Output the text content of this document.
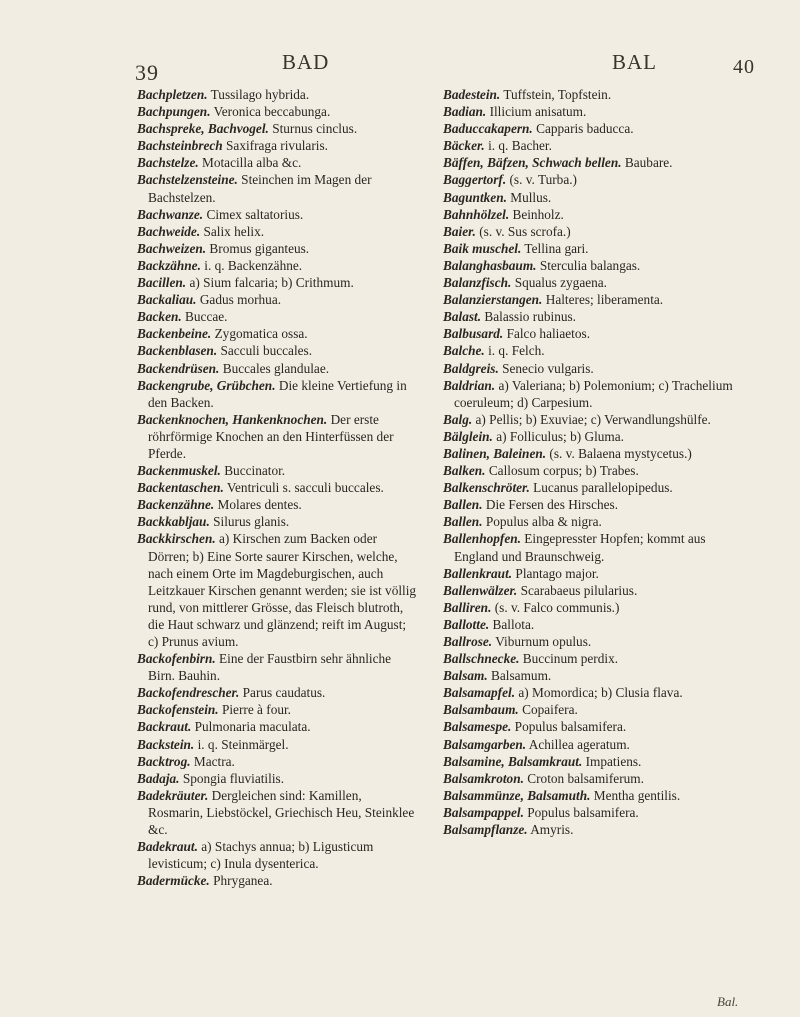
39	BAD	BAL	40
Bachpletzen. Tussilago hybrida.
Bachpungen. Veronica beccabunga.
Bachspreke, Bachvogel. Sturnus cinclus.
Bachsteinbrech Saxifraga rivularis.
Bachstelze. Motacilla alba &c.
Bachstelzensteine. Steinchen im Magen der Bachstelzen.
Bachwanze. Cimex saltatorius.
Bachweide. Salix helix.
Bachweizen. Bromus giganteus.
Backzähne. i. q. Backenzähne.
Bacillen. a) Sium falcaria; b) Crithmum.
Backaliau. Gadus morhua.
Backen. Buccae.
Backenbeine. Zygomatica ossa.
Backenblasen. Sacculi buccales.
Backendrüsen. Buccales glandulae.
Backengrube, Grübchen. Die kleine Vertiefung in den Backen.
Backenknochen, Hankenknochen. Der erste röhrförmige Knochen an den Hinterfüssen der Pferde.
Backenmuskel. Buccinator.
Backentaschen. Ventriculi s. sacculi buccales.
Backenzähne. Molares dentes.
Backkabljau. Silurus glanis.
Backkirschen. a) Kirschen zum Backen oder Dörren; b) Eine Sorte saurer Kirschen, welche, nach einem Orte im Magdeburgischen, auch Leitzkauer Kirschen genannt werden; sie ist völlig rund, von mittlerer Grösse, das Fleisch blutroth, die Haut schwarz und glänzend; reift im August; c) Prunus avium.
Backofenbirn. Eine der Faustbirn sehr ähnliche Birn. Bauhin.
Backofendrescher. Parus caudatus.
Backofenstein. Pierre à four.
Backraut. Pulmonaria maculata.
Backstein. i. q. Steinmärgel.
Backtrog. Mactra.
Badaja. Spongia fluviatilis.
Badekräuter. Dergleichen sind: Kamillen, Rosmarin, Liebstöckel, Griechisch Heu, Steinklee &c.
Badekraut. a) Stachys annua; b) Ligusticum levisticum; c) Inula dysenterica.
Badermücke. Phryganea.
Badestein. Tuffstein, Topfstein.
Badian. Illicium anisatum.
Baduccakapern. Capparis baducca.
Bäcker. i. q. Bacher.
Bäffen, Bäfzen, Schwach bellen. Baubare.
Baggertorf. (s. v. Turba.)
Baguntken. Mullus.
Bahnhölzel. Beinholz.
Baier. (s. v. Sus scrofa.)
Baik muschel. Tellina gari.
Balanghasbaum. Sterculia balangas.
Balanzfisch. Squalus zygaena.
Balanzierstangen. Halteres; liberamenta.
Balast. Balassio rubinus.
Balbusard. Falco haliaetos.
Balche. i. q. Felch.
Baldgreis. Senecio vulgaris.
Baldrian. a) Valeriana; b) Polemonium; c) Trachelium coeruleum; d) Carpesium.
Balg. a) Pellis; b) Exuviae; c) Verwandlungshülfe.
Bälglein. a) Folliculus; b) Gluma.
Balinen, Baleinen. (s. v. Balaena mystycetus.)
Balken. Callosum corpus; b) Trabes.
Balkenschröter. Lucanus parallelopipedus.
Ballen. Die Fersen des Hirsches.
Ballen. Populus alba & nigra.
Ballenhopfen. Eingepresster Hopfen; kommt aus England und Braunschweig.
Ballenkraut. Plantago major.
Ballenwälzer. Scarabaeus pilularius.
Balliren. (s. v. Falco communis.)
Ballotte. Ballota.
Ballrose. Viburnum opulus.
Ballschnecke. Buccinum perdix.
Balsam. Balsamum.
Balsamapfel. a) Momordica; b) Clusia flava.
Balsambaum. Copaifera.
Balsamespe. Populus balsamifera.
Balsamgarben. Achillea ageratum.
Balsamine, Balsamkraut. Impatiens.
Balsamkroton. Croton balsamiferum.
Balsammünze, Balsamuth. Mentha gentilis.
Balsampappel. Populus balsamifera.
Balsampflanze. Amyris.
Bal.
